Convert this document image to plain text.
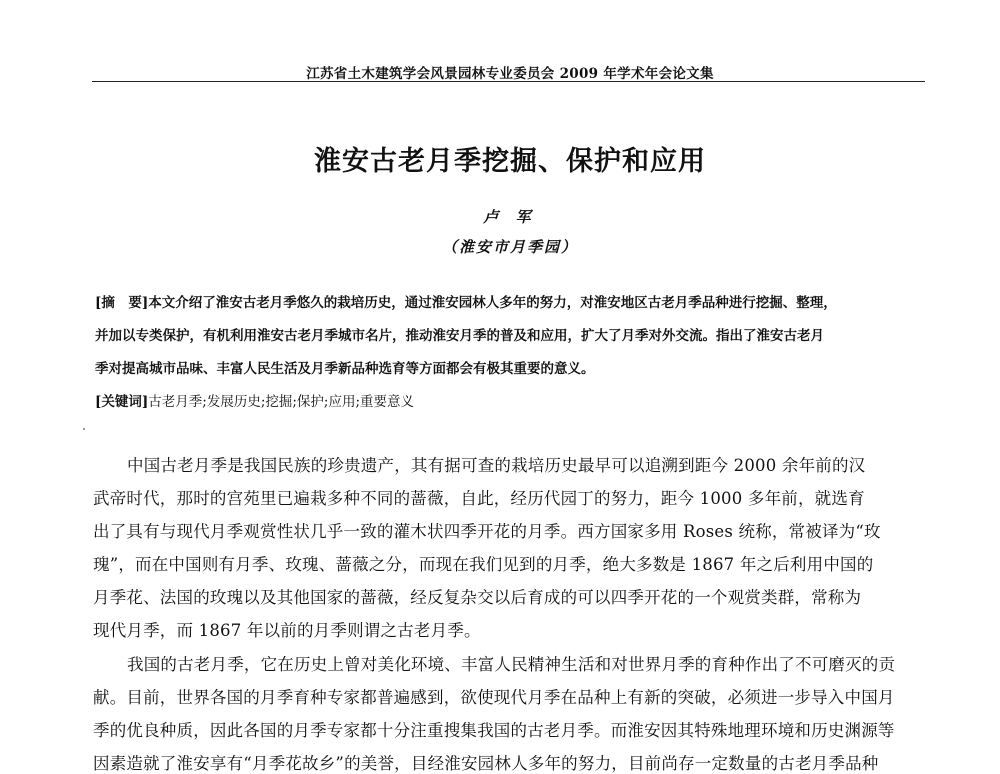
江苏省土木建筑学会风景园林专业委员会 2009 年学术年会论文集
淮安古老月季挖掘、保护和应用
卢 军
（淮安市月季园）
[摘　要]本文介绍了淮安古老月季悠久的栽培历史，通过淮安园林人多年的努力，对淮安地区古老月季品种进行挖掘、整理，
并加以专类保护，有机利用淮安古老月季城市名片，推动淮安月季的普及和应用，扩大了月季对外交流。指出了淮安古老月
季对提高城市品味、丰富人民生活及月季新品种选育等方面都会有极其重要的意义。
[关键词]古老月季;发展历史;挖掘;保护;应用;重要意义
中国古老月季是我国民族的珍贵遗产，其有据可查的栽培历史最早可以追溯到距今 2000 余年前的汉
武帝时代，那时的宫苑里已遍栽多种不同的蔷薇，自此，经历代园丁的努力，距今 1000 多年前，就选育
出了具有与现代月季观赏性状几乎一致的灌木状四季开花的月季。西方国家多用 Roses 统称，常被译为“玫
瑰”，而在中国则有月季、玫瑰、蔷薇之分，而现在我们见到的月季，绝大多数是 1867 年之后利用中国的
月季花、法国的玫瑰以及其他国家的蔷薇，经反复杂交以后育成的可以四季开花的一个观赏类群，常称为
现代月季，而 1867 年以前的月季则谓之古老月季。
我国的古老月季，它在历史上曾对美化环境、丰富人民精神生活和对世界月季的育种作出了不可磨灭的贡
献。目前，世界各国的月季育种专家都普遍感到，欲使现代月季在品种上有新的突破，必须进一步导入中国月
季的优良种质，因此各国的月季专家都十分注重搜集我国的古老月季。而淮安因其特殊地理环境和历史渊源等
因素造就了淮安享有“月季花故乡”的美誉，目经淮安园林人多年的努力，目前尚存一定数量的古老月季品种
